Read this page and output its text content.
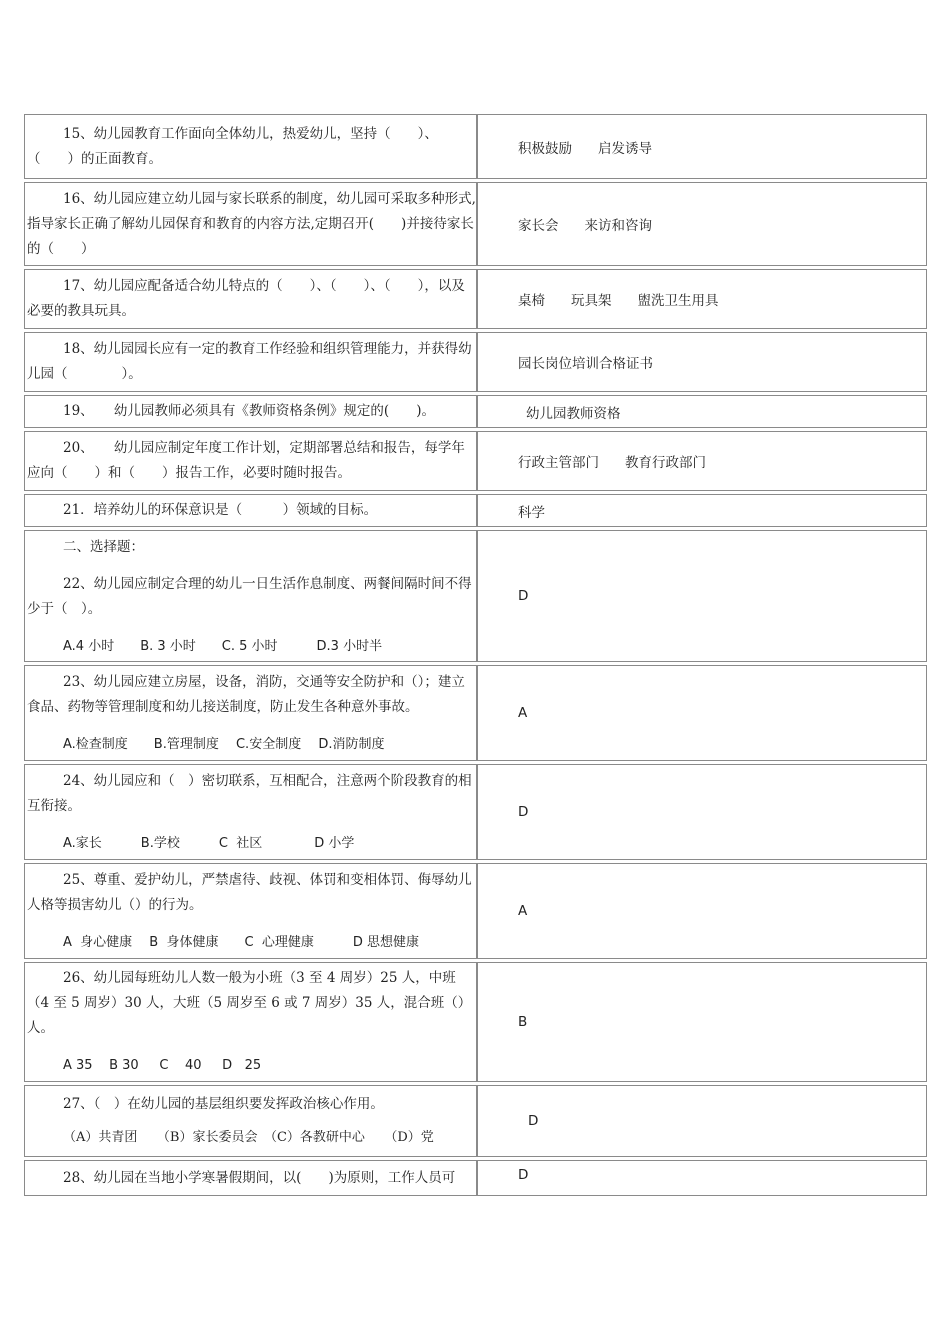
15、幼儿园教育工作面向全体幼儿，热爱幼儿，坚持（　　）、（　　）的正面教育。	积极鼓励 启发诱导

16、幼儿园应建立幼儿园与家长联系的制度，幼儿园可采取多种形式,指导家长正确了解幼儿园保育和教育的内容方法,定期召开(　　)并接待家长的（　　）	家长会 来访和咨询

17、幼儿园应配备适合幼儿特点的（　　）、（　　）、（　　），以及必要的教具玩具。	桌椅 玩具架 盥洗卫生用具

18、幼儿园园长应有一定的教育工作经验和组织管理能力，并获得幼儿园（　　　　）。	园长岗位培训合格证书

19、　　幼儿园教师必须具有《教师资格条例》规定的(　　)。	幼儿园教师资格

20、　　幼儿园应制定年度工作计划，定期部署总结和报告，每学年应向（　　）和（　　）报告工作，必要时随时报告。	行政主管部门 教育行政部门

21．培养幼儿的环保意识是（　　　）领域的目标。	科学

二、选择题：

22、幼儿园应制定合理的幼儿一日生活作息制度、两餐间隔时间不得少于（　）。

A.4 小时　　B. 3 小时　　C. 5 小时　　　D.3 小时半	D

23、幼儿园应建立房屋，设备，消防，交通等安全防护和（）；建立食品、药物等管理制度和幼儿接送制度，防止发生各种意外事故。

A.检查制度　　B.管理制度　 C.安全制度　 D.消防制度	A

24、幼儿园应和（　）密切联系，互相配合，注意两个阶段教育的相互衔接。

A.家长　　　B.学校　　　C  社区　　　　D 小学	D

25、尊重、爱护幼儿，严禁虐待、歧视、体罚和变相体罚、侮辱幼儿人格等损害幼儿（）的行为。

A  身心健康　 B  身体健康　　C  心理健康　　　D 思想健康	A

26、幼儿园每班幼儿人数一般为小班（3 至 4 周岁）25 人，中班（4 至 5 周岁）30 人，大班（5 周岁至 6 或 7 周岁）35 人，混合班（）人。

A 35    B 30     C    40     D   25	B

27、（　）在幼儿园的基层组织要发挥政治核心作用。

（A）共青团　　（B）家长委员会　（C）各教研中心　　（D）党	D

28、幼儿园在当地小学寒暑假期间，以(　　)为原则，工作人员可	D
